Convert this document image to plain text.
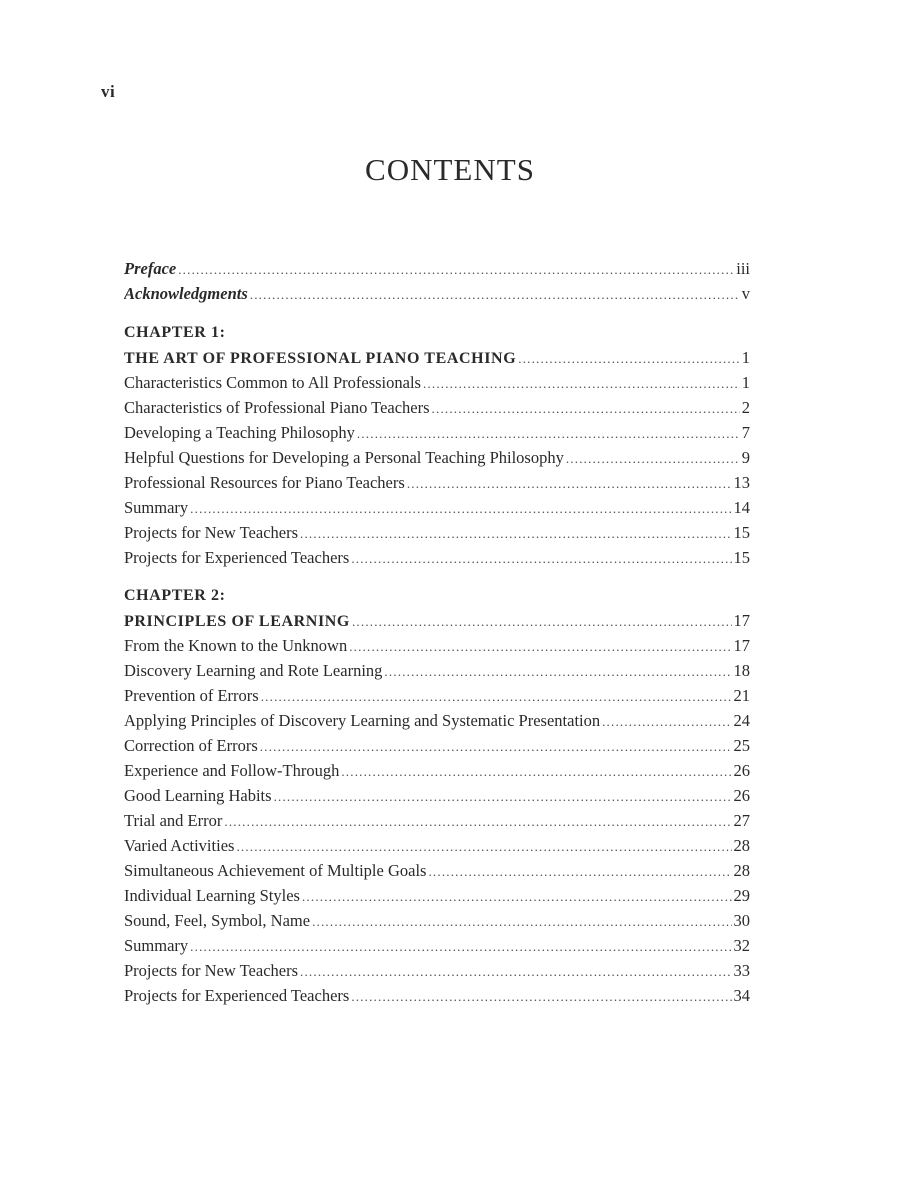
vi
CONTENTS
Preface .....	iii
Acknowledgments .....	v
CHAPTER 1:
THE ART OF PROFESSIONAL PIANO TEACHING .....	1
Characteristics Common to All Professionals .....	1
Characteristics of Professional Piano Teachers .....	2
Developing a Teaching Philosophy .....	7
Helpful Questions for Developing a Personal Teaching Philosophy .....	9
Professional Resources for Piano Teachers .....	13
Summary .....	14
Projects for New Teachers .....	15
Projects for Experienced Teachers .....	15
CHAPTER 2:
PRINCIPLES OF LEARNING .....	17
From the Known to the Unknown .....	17
Discovery Learning and Rote Learning .....	18
Prevention of Errors .....	21
Applying Principles of Discovery Learning and Systematic Presentation .....	24
Correction of Errors .....	25
Experience and Follow-Through .....	26
Good Learning Habits .....	26
Trial and Error .....	27
Varied Activities .....	28
Simultaneous Achievement of Multiple Goals .....	28
Individual Learning Styles .....	29
Sound, Feel, Symbol, Name .....	30
Summary .....	32
Projects for New Teachers .....	33
Projects for Experienced Teachers .....	34
